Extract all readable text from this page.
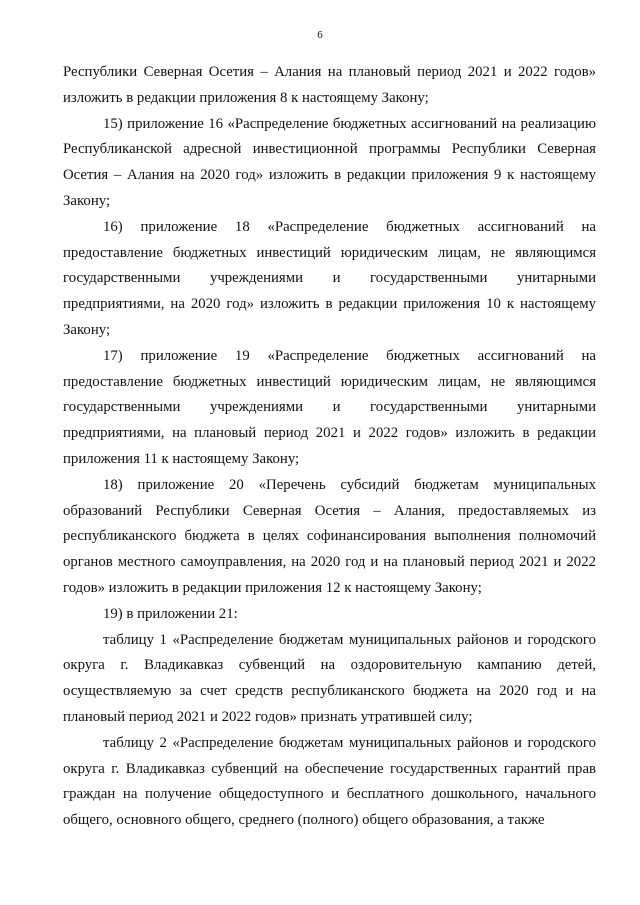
6

Республики Северная Осетия – Алания на плановый период 2021 и 2022 годов» изложить в редакции приложения 8 к настоящему Закону;

15) приложение 16 «Распределение бюджетных ассигнований на реализацию Республиканской адресной инвестиционной программы Республики Северная Осетия – Алания на 2020 год» изложить в редакции приложения 9 к настоящему Закону;

16) приложение 18 «Распределение бюджетных ассигнований на предоставление бюджетных инвестиций юридическим лицам, не являющимся государственными учреждениями и государственными унитарными предприятиями, на 2020 год» изложить в редакции приложения 10 к настоящему Закону;

17) приложение 19 «Распределение бюджетных ассигнований на предоставление бюджетных инвестиций юридическим лицам, не являющимся государственными учреждениями и государственными унитарными предприятиями, на плановый период 2021 и 2022 годов» изложить в редакции приложения 11 к настоящему Закону;

18) приложение 20 «Перечень субсидий бюджетам муниципальных образований Республики Северная Осетия – Алания, предоставляемых из республиканского бюджета в целях софинансирования выполнения полномочий органов местного самоуправления, на 2020 год и на плановый период 2021 и 2022 годов» изложить в редакции приложения 12 к настоящему Закону;

19) в приложении 21:

таблицу 1 «Распределение бюджетам муниципальных районов и городского округа г. Владикавказ субвенций на оздоровительную кампанию детей, осуществляемую за счет средств республиканского бюджета на 2020 год и на плановый период 2021 и 2022 годов» признать утратившей силу;

таблицу 2 «Распределение бюджетам муниципальных районов и городского округа г. Владикавказ субвенций на обеспечение государственных гарантий прав граждан на получение общедоступного и бесплатного дошкольного, начального общего, основного общего, среднего (полного) общего образования, а также
